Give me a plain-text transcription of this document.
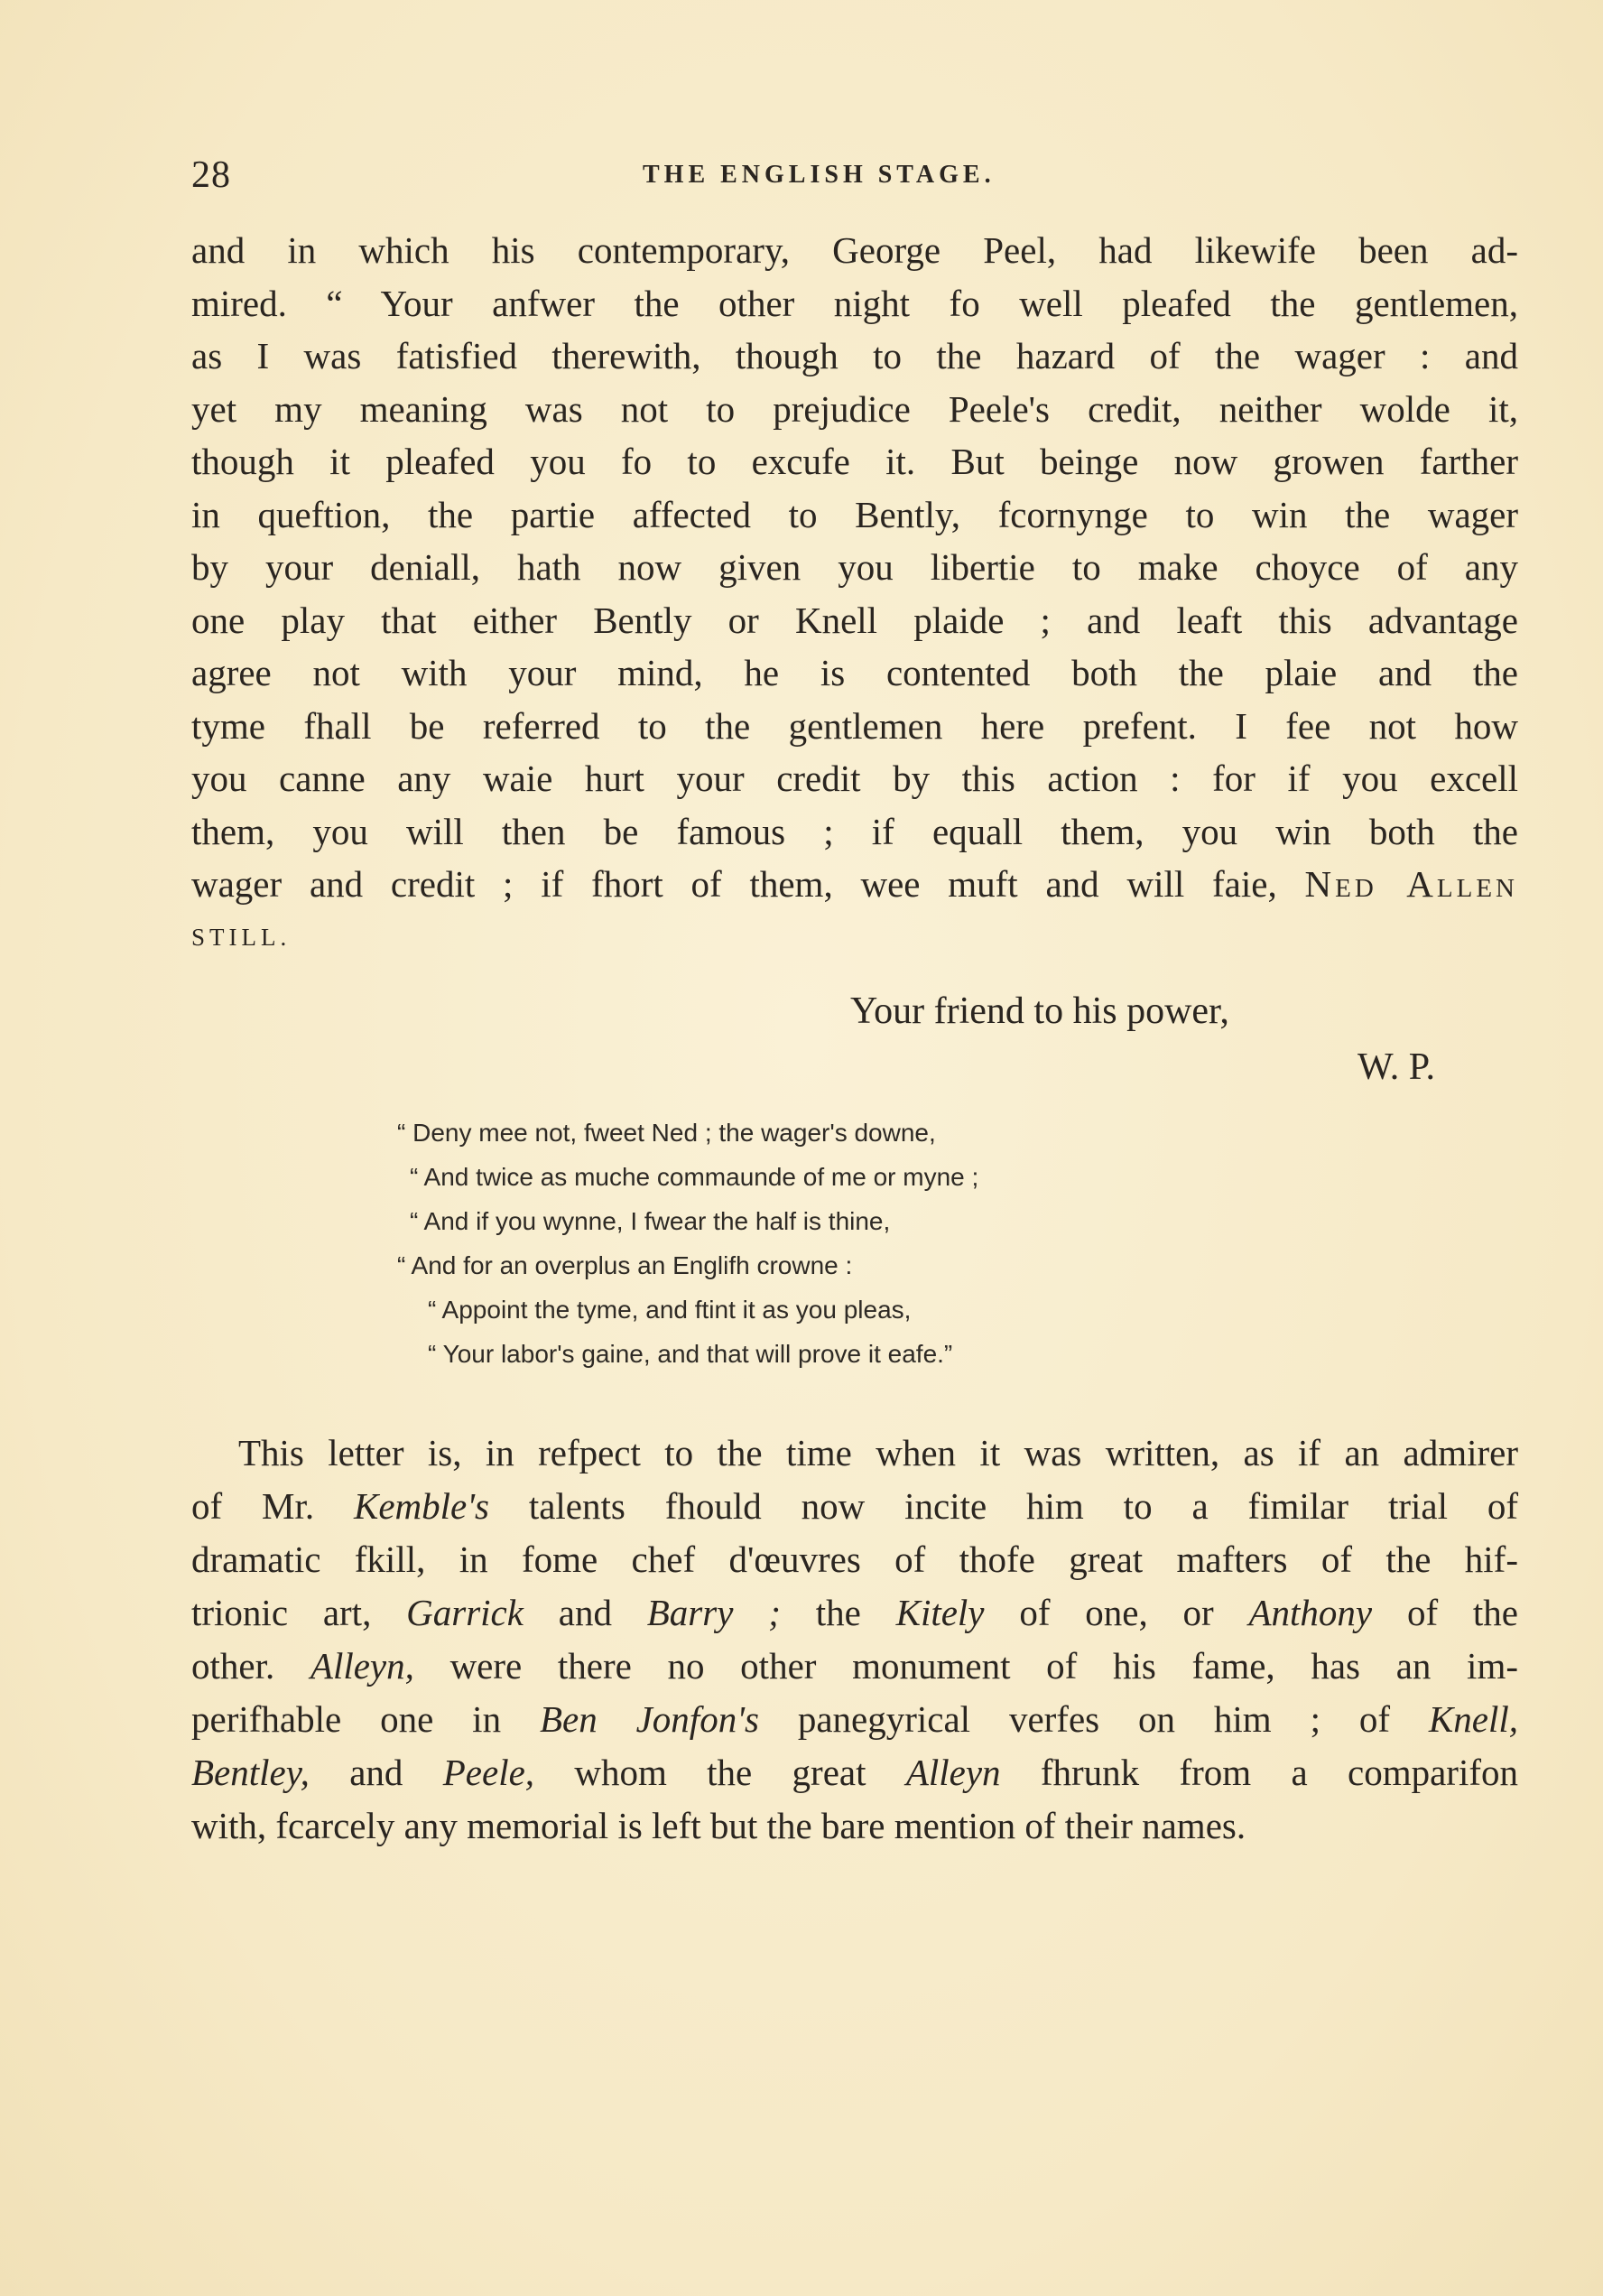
28	THE ENGLISH STAGE.
and in which his contemporary, George Peel, had likewife been ad-
mired. “ Your anfwer the other night fo well pleafed the gentlemen,
as I was fatisfied therewith, though to the hazard of the wager : and
yet my meaning was not to prejudice Peele's credit, neither wolde it,
though it pleafed you fo to excufe it. But beinge now growen farther
in queftion, the partie affected to Bently, fcornynge to win the wager
by your deniall, hath now given you libertie to make choyce of any
one play that either Bently or Knell plaide ; and leaft this advantage
agree not with your mind, he is contented both the plaie and the
tyme fhall be referred to the gentlemen here prefent. I fee not how
you canne any waie hurt your credit by this action : for if you excell
them, you will then be famous ; if equall them, you win both the
wager and credit ; if fhort of them, wee muft and will faie, Ned Allen
STILL.
Your friend to his power,
W. P.
“ Deny mee not, fweet Ned ; the wager's downe,
“ And twice as muche commaunde of me or myne ;
“ And if you wynne, I fwear the half is thine,
“ And for an overplus an Englifh crowne :
“ Appoint the tyme, and ftint it as you pleas,
“ Your labor's gaine, and that will prove it eafe.”
This letter is, in refpect to the time when it was written, as if an admirer
of Mr. Kemble's talents fhould now incite him to a fimilar trial of
dramatic fkill, in fome chef d'œuvres of thofe great mafters of the hif-
trionic art, Garrick and Barry ; the Kitely of one, or Anthony of the
other. Alleyn, were there no other monument of his fame, has an im-
perifhable one in Ben Jonfon's panegyrical verfes on him ; of Knell,
Bentley, and Peele, whom the great Alleyn fhrunk from a comparifon
with, fcarcely any memorial is left but the bare mention of their names.
